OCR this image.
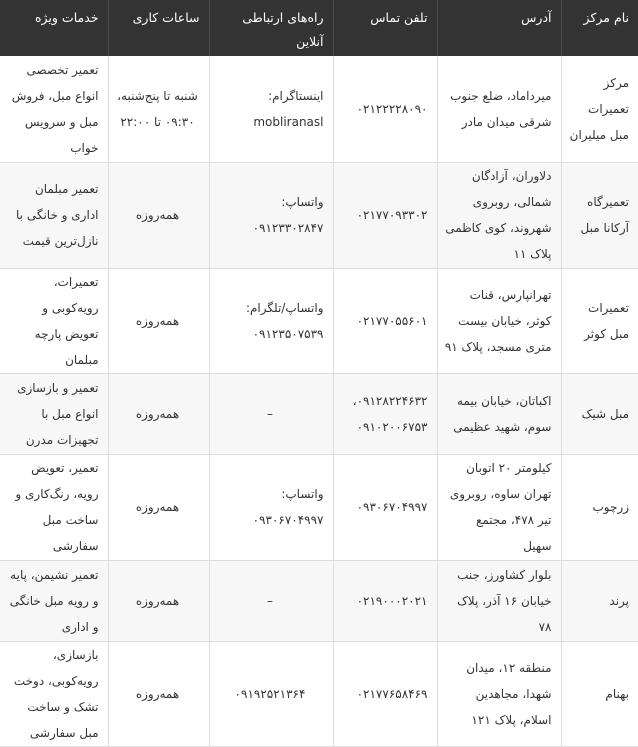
نام مرکز	آدرس	تلفن تماس	راه‌های ارتباطی آنلاین	ساعات کاری	خدمات ویژه
مرکز تعمیرات مبل میلیران	میرداماد، ضلع جنوب شرقی میدان مادر	۰۲۱۲۲۲۲۸۰۹۰	اینستاگرام: mobliranasl	شنبه تا پنج‌شنبه، ۰۹:۳۰ تا ۲۲:۰۰	تعمیر تخصصی انواع مبل، فروش مبل و سرویس خواب
تعمیرگاه آرکانا مبل	دلاوران، آزادگان شمالی، روبروی شهروند، کوی کاظمی پلاک ۱۱	۰۲۱۷۷۰۹۳۳۰۲	واتساپ: ۰۹۱۲۳۳۰۲۸۴۷	همه‌روزه	تعمیر مبلمان اداری و خانگی با نازل‌ترین قیمت
تعمیرات مبل کوثر	تهرانپارس، قنات کوثر، خیابان بیست متری مسجد، پلاک ۹۱	۰۲۱۷۷۰۵۵۶۰۱	واتساپ/تلگرام: ۰۹۱۲۳۵۰۷۵۳۹	همه‌روزه	تعمیرات، رویه‌کوبی و تعویض پارچه مبلمان
مبل شیک	اکباتان، خیابان بیمه سوم، شهید عظیمی	۰۹۱۲۸۲۲۴۶۳۲، ۰۹۱۰۲۰۰۶۷۵۳	–	همه‌روزه	تعمیر و بازسازی انواع مبل با تجهیزات مدرن
زرچوب	کیلومتر ۲۰ اتوبان تهران ساوه، روبروی تیر ۴۷۸، مجتمع سهیل	۰۹۳۰۶۷۰۴۹۹۷	واتساپ: ۰۹۳۰۶۷۰۴۹۹۷	همه‌روزه	تعمیر، تعویض رویه، رنگ‌کاری و ساخت مبل سفارشی
پرند	بلوار کشاورز، جنب خیابان ۱۶ آذر، پلاک ۷۸	۰۲۱۹۰۰۰۲۰۲۱	–	همه‌روزه	تعمیر نشیمن، پایه و رویه مبل خانگی و اداری
بهنام	منطقه ۱۲، میدان شهدا، مجاهدین اسلام، پلاک ۱۲۱	۰۲۱۷۷۶۵۸۴۶۹	۰۹۱۹۲۵۲۱۳۶۴	همه‌روزه	بازسازی، رویه‌کوبی، دوخت تشک و ساخت مبل سفارشی
